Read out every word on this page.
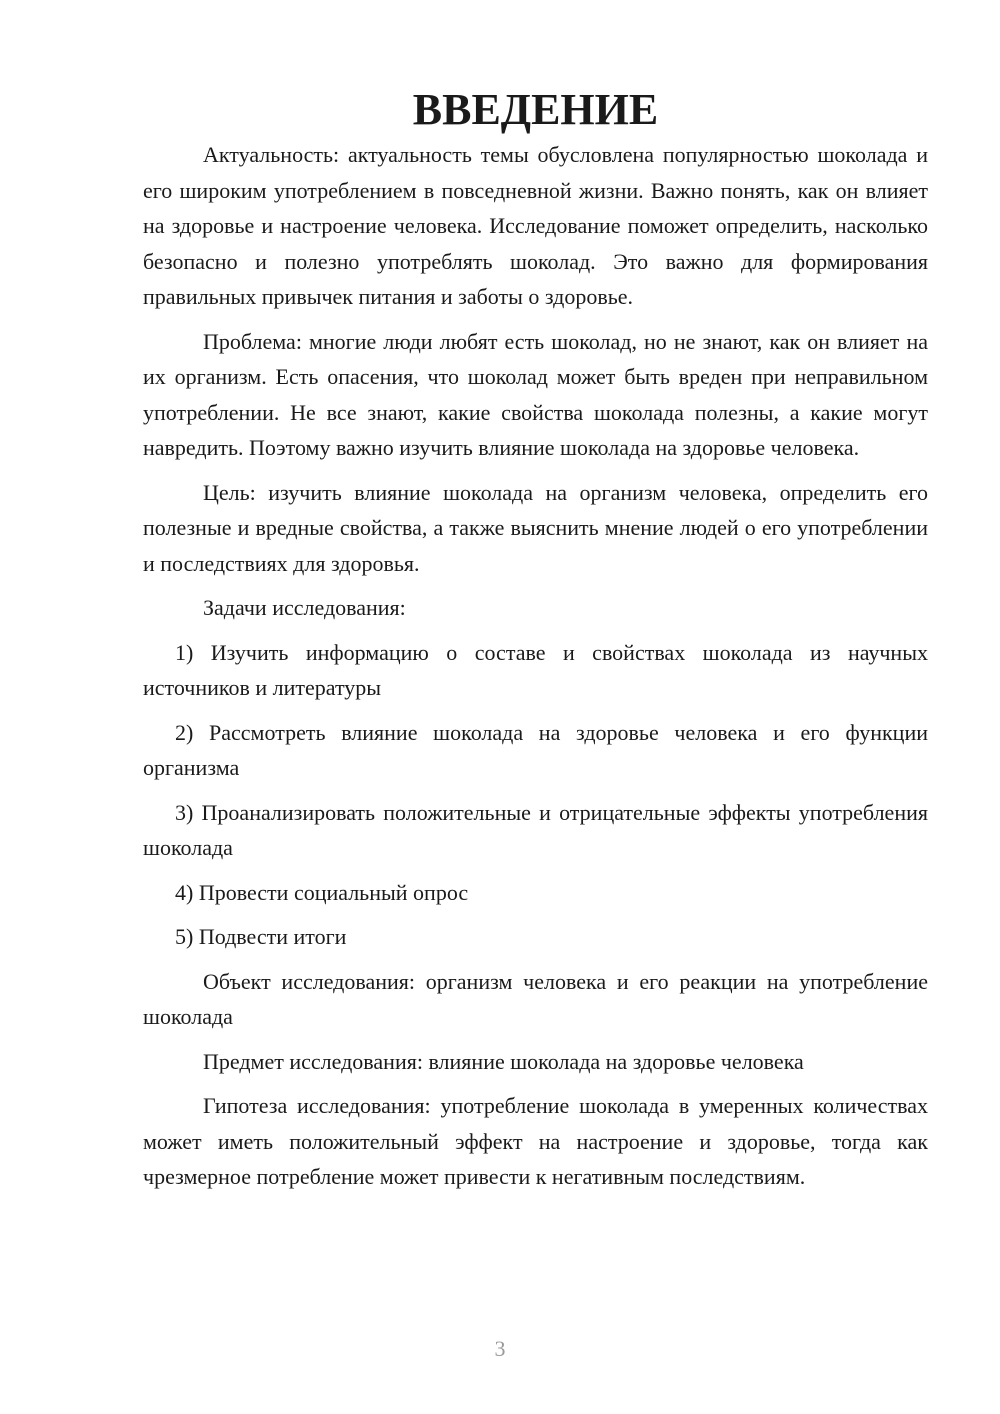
ВВЕДЕНИЕ

Актуальность: актуальность темы обусловлена популярностью шоколада и его широким употреблением в повседневной жизни. Важно понять, как он влияет на здоровье и настроение человека. Исследование поможет определить, насколько безопасно и полезно употреблять шоколад. Это важно для формирования правильных привычек питания и заботы о здоровье.

Проблема: многие люди любят есть шоколад, но не знают, как он влияет на их организм. Есть опасения, что шоколад может быть вреден при неправильном употреблении. Не все знают, какие свойства шоколада полезны, а какие могут навредить. Поэтому важно изучить влияние шоколада на здоровье человека.

Цель: изучить влияние шоколада на организм человека, определить его полезные и вредные свойства, а также выяснить мнение людей о его употреблении и последствиях для здоровья.

Задачи исследования:

1) Изучить информацию о составе и свойствах шоколада из научных источников и литературы

2) Рассмотреть влияние шоколада на здоровье человека и его функции организма

3) Проанализировать положительные и отрицательные эффекты употребления шоколада

4) Провести социальный опрос

5) Подвести итоги

Объект исследования: организм человека и его реакции на употребление шоколада

Предмет исследования: влияние шоколада на здоровье человека

Гипотеза исследования: употребление шоколада в умеренных количествах может иметь положительный эффект на настроение и здоровье, тогда как чрезмерное потребление может привести к негативным последствиям.

3
